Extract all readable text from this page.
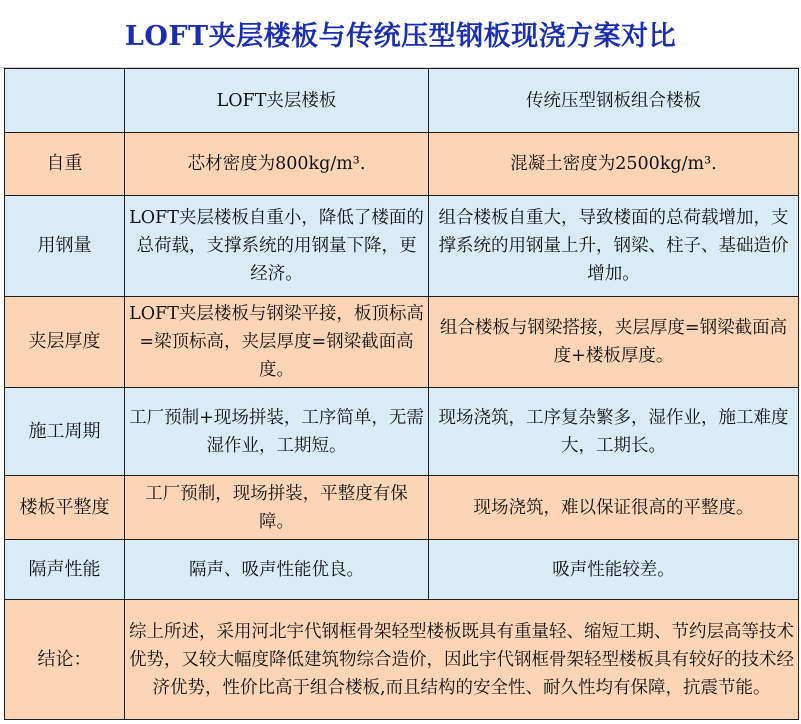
LOFT夹层楼板与传统压型钢板现浇方案对比
	LOFT夹层楼板	传统压型钢板组合楼板
自重	芯材密度为800kg/m³.	混凝土密度为2500kg/m³.
用钢量	LOFT夹层楼板自重小，降低了楼面的总荷载，支撑系统的用钢量下降，更经济。	组合楼板自重大，导致楼面的总荷载增加，支撑系统的用钢量上升，钢梁、柱子、基础造价增加。
夹层厚度	LOFT夹层楼板与钢梁平接，板顶标高=梁顶标高，夹层厚度=钢梁截面高度。	组合楼板与钢梁搭接，夹层厚度=钢梁截面高度+楼板厚度。
施工周期	工厂预制+现场拼装，工序简单，无需湿作业，工期短。	现场浇筑，工序复杂繁多，湿作业，施工难度大，工期长。
楼板平整度	工厂预制，现场拼装，平整度有保障。	现场浇筑，难以保证很高的平整度。
隔声性能	隔声、吸声性能优良。	吸声性能较差。
结论：	综上所述，采用河北宇代钢框骨架轻型楼板既具有重量轻、缩短工期、节约层高等技术优势，又较大幅度降低建筑物综合造价，因此宇代钢框骨架轻型楼板具有较好的技术经济优势，性价比高于组合楼板,而且结构的安全性、耐久性均有保障，抗震节能。	
